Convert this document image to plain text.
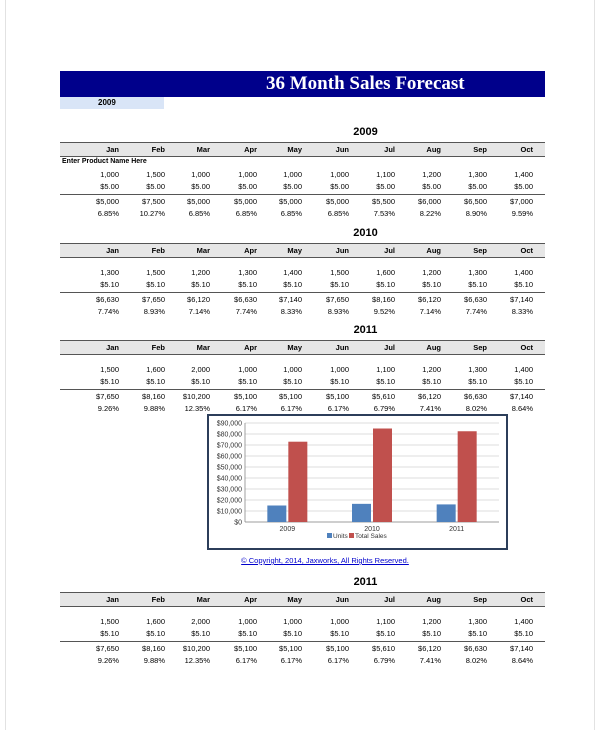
36 Month Sales Forecast
2009
2009
Jan	Feb	Mar	Apr	May	Jun	Jul	Aug	Sep	Oct
Enter Product Name Here
1,000	1,500	1,000	1,000	1,000	1,000	1,100	1,200	1,300	1,400
$5.00	$5.00	$5.00	$5.00	$5.00	$5.00	$5.00	$5.00	$5.00	$5.00
$5,000	$7,500	$5,000	$5,000	$5,000	$5,000	$5,500	$6,000	$6,500	$7,000
6.85%	10.27%	6.85%	6.85%	6.85%	6.85%	7.53%	8.22%	8.90%	9.59%
2010
Jan	Feb	Mar	Apr	May	Jun	Jul	Aug	Sep	Oct
1,300	1,500	1,200	1,300	1,400	1,500	1,600	1,200	1,300	1,400
$5.10	$5.10	$5.10	$5.10	$5.10	$5.10	$5.10	$5.10	$5.10	$5.10
$6,630	$7,650	$6,120	$6,630	$7,140	$7,650	$8,160	$6,120	$6,630	$7,140
7.74%	8.93%	7.14%	7.74%	8.33%	8.93%	9.52%	7.14%	7.74%	8.33%
2011
Jan	Feb	Mar	Apr	May	Jun	Jul	Aug	Sep	Oct
1,500	1,600	2,000	1,000	1,000	1,000	1,100	1,200	1,300	1,400
$5.10	$5.10	$5.10	$5.10	$5.10	$5.10	$5.10	$5.10	$5.10	$5.10
$7,650	$8,160	$10,200	$5,100	$5,100	$5,100	$5,610	$6,120	$6,630	$7,140
9.26%	9.88%	12.35%	6.17%	6.17%	6.17%	6.79%	7.41%	8.02%	8.64%
2011
Jan	Feb	Mar	Apr	May	Jun	Jul	Aug	Sep	Oct
1,500	1,600	2,000	1,000	1,000	1,000	1,100	1,200	1,300	1,400
$5.10	$5.10	$5.10	$5.10	$5.10	$5.10	$5.10	$5.10	$5.10	$5.10
$7,650	$8,160	$10,200	$5,100	$5,100	$5,100	$5,610	$6,120	$6,630	$7,140
9.26%	9.88%	12.35%	6.17%	6.17%	6.17%	6.79%	7.41%	8.02%	8.64%
$0
$10,000
$20,000
$30,000
$40,000
$50,000
$60,000
$70,000
$80,000
$90,000
2009	2010	2011
Units Total Sales
© Copyright, 2014, Jaxworks, All Rights Reserved.
